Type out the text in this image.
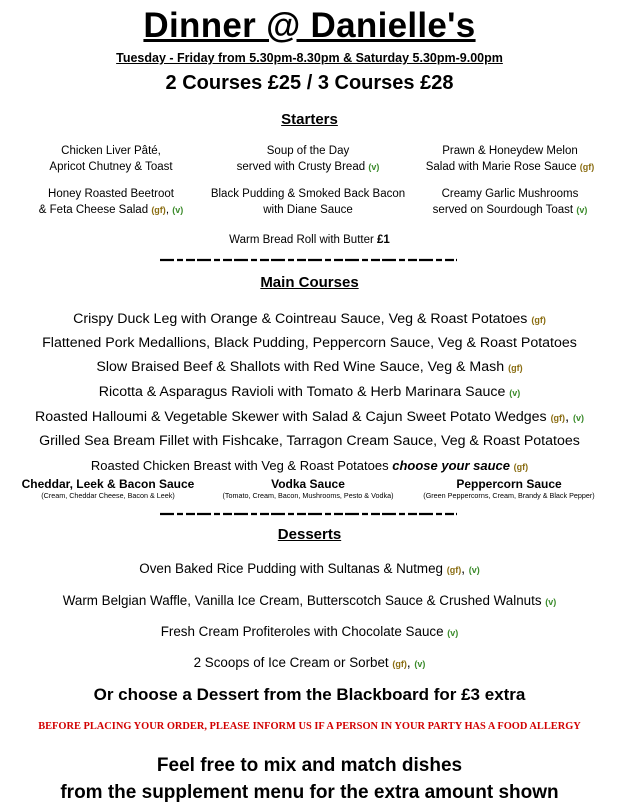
Dinner @ Danielle's
Tuesday - Friday from 5.30pm-8.30pm & Saturday 5.30pm-9.00pm
2 Courses £25 / 3 Courses £28
Starters
Chicken Liver Pâté,
Apricot Chutney & Toast
Soup of the Day
served with Crusty Bread (v)
Prawn & Honeydew Melon
Salad with Marie Rose Sauce (gf)
Honey Roasted Beetroot
& Feta Cheese Salad (gf), (v)
Black Pudding & Smoked Back Bacon
with Diane Sauce
Creamy Garlic Mushrooms
served on Sourdough Toast (v)
Warm Bread Roll with Butter £1
Main Courses
Crispy Duck Leg with Orange & Cointreau Sauce, Veg & Roast Potatoes (gf)
Flattened Pork Medallions, Black Pudding, Peppercorn Sauce, Veg & Roast Potatoes
Slow Braised Beef & Shallots with Red Wine Sauce, Veg & Mash (gf)
Ricotta & Asparagus Ravioli with Tomato & Herb Marinara Sauce (v)
Roasted Halloumi & Vegetable Skewer with Salad & Cajun Sweet Potato Wedges (gf), (v)
Grilled Sea Bream Fillet with Fishcake, Tarragon Cream Sauce, Veg & Roast Potatoes
Roasted Chicken Breast with Veg & Roast Potatoes choose your sauce (gf)
Cheddar, Leek & Bacon Sauce
(Cream, Cheddar Cheese, Bacon & Leek)
Vodka Sauce
(Tomato, Cream, Bacon, Mushrooms, Pesto & Vodka)
Peppercorn Sauce
(Green Peppercorns, Cream, Brandy & Black Pepper)
Desserts
Oven Baked Rice Pudding with Sultanas & Nutmeg (gf), (v)
Warm Belgian Waffle, Vanilla Ice Cream, Butterscotch Sauce & Crushed Walnuts (v)
Fresh Cream Profiteroles with Chocolate Sauce (v)
2 Scoops of Ice Cream or Sorbet (gf), (v)
Or choose a Dessert from the Blackboard for £3 extra
BEFORE PLACING YOUR ORDER, PLEASE INFORM US IF A PERSON IN YOUR PARTY HAS A FOOD ALLERGY
Feel free to mix and match dishes
from the supplement menu for the extra amount shown
